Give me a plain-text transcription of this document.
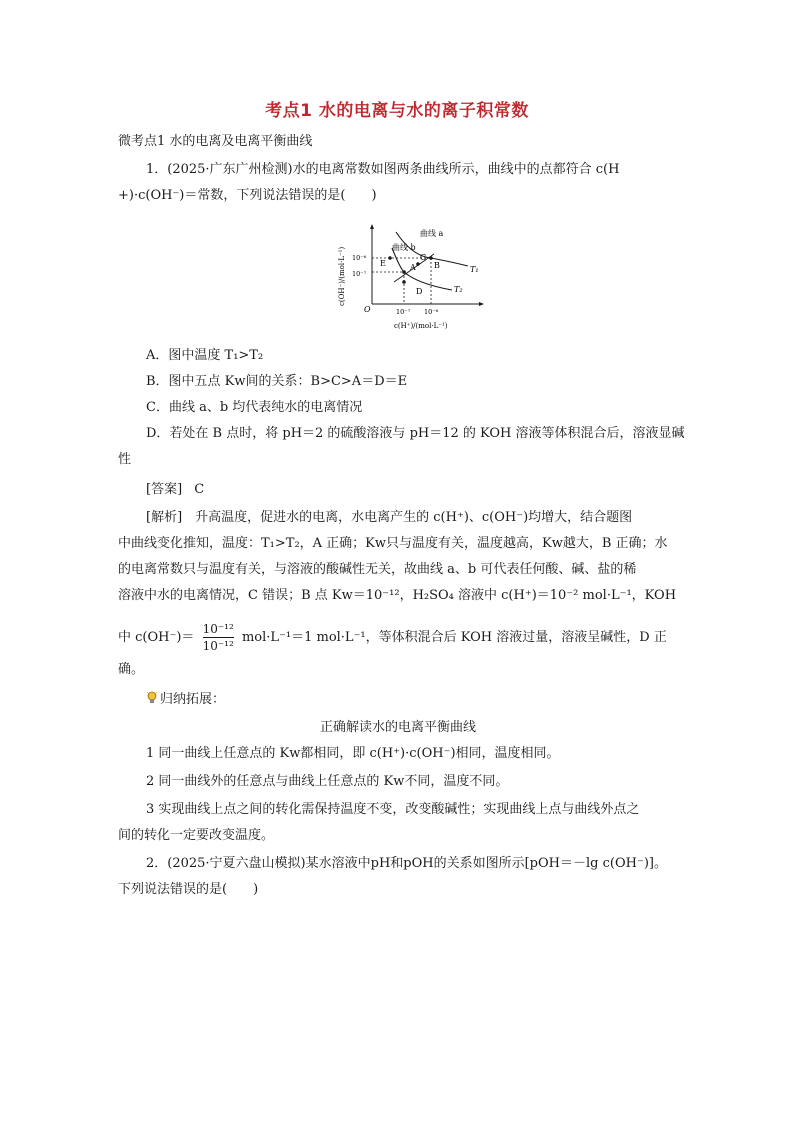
考点1 水的电离与水的离子积常数
微考点1 水的电离及电离平衡曲线
1．(2025·广东广州检测)水的电离常数如图两条曲线所示，曲线中的点都符合 c(H
+)·c(OH⁻)＝常数，下列说法错误的是(　　)
A B
C
D
E
曲线 a
曲线 b
T₁
T₂
10⁻⁶
10⁻⁷
10⁻⁷ 10⁻⁶
O
c(H⁺)/(mol·L⁻¹)
c(OH⁻)/(mol·L⁻¹)
A．图中温度 T₁>T₂
B．图中五点 Kw间的关系：B>C>A＝D＝E
C．曲线 a、b 均代表纯水的电离情况
D．若处在 B 点时，将 pH＝2 的硫酸溶液与 pH＝12 的 KOH 溶液等体积混合后，溶液显碱
性
[答案] C
[解析]　升高温度，促进水的电离，水电离产生的 c(H⁺)、c(OH⁻)均增大，结合题图
中曲线变化推知，温度：T₁>T₂，A 正确；Kw只与温度有关，温度越高，Kw越大，B 正确；水
的电离常数只与温度有关，与溶液的酸碱性无关，故曲线 a、b 可代表任何酸、碱、盐的稀
溶液中水的电离情况，C 错误；B 点 Kw＝10⁻¹²，H₂SO₄ 溶液中 c(H⁺)＝10⁻² mol·L⁻¹，KOH
中 $c(OH^-)= \frac{\text{10⁻¹²}}{\text{10⁻¹²}} mol\cdot L^{-1}=1$ mol·L⁻¹，等体积混合后 KOH 溶液过量，溶液呈碱性，D 正
确。
归纳拓展：
正确解读水的电离平衡曲线
1 同一曲线上任意点的 Kw都相同，即 c(H⁺)·c(OH⁻)相同，温度相同。
2 同一曲线外的任意点与曲线上任意点的 Kw不同，温度不同。
3 实现曲线上点之间的转化需保持温度不变，改变酸碱性；实现曲线上点与曲线外点之
间的转化一定要改变温度。
2．(2025·宁夏六盘山模拟)某水溶液中pH和pOH的关系如图所示[pOH＝－lg c(OH⁻)]。
下列说法错误的是(　　)
